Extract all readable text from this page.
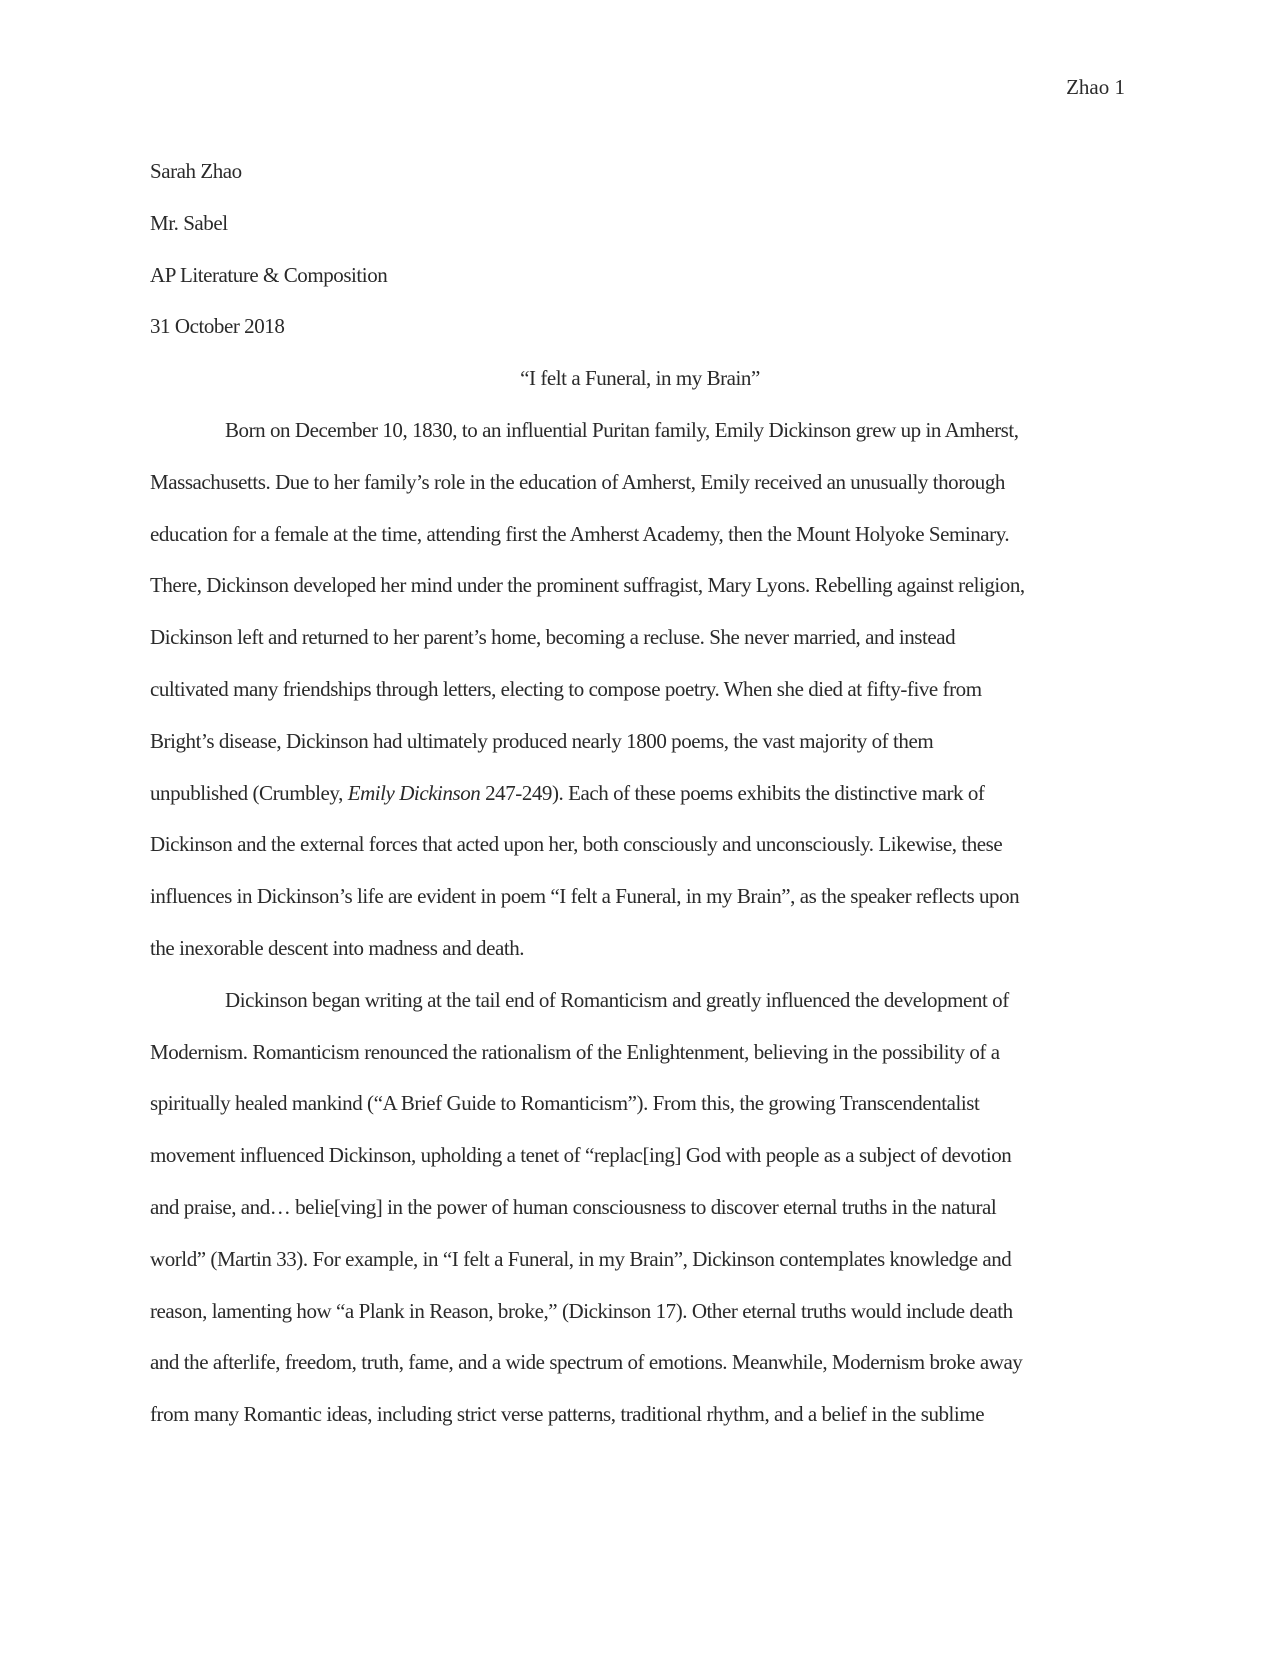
Zhao 1

Sarah Zhao

Mr. Sabel

AP Literature & Composition

31 October 2018

“I felt a Funeral, in my Brain”

Born on December 10, 1830, to an influential Puritan family, Emily Dickinson grew up in Amherst,

Massachusetts. Due to her family’s role in the education of Amherst, Emily received an unusually thorough

education for a female at the time, attending first the Amherst Academy, then the Mount Holyoke Seminary.

There, Dickinson developed her mind under the prominent suffragist, Mary Lyons. Rebelling against religion,

Dickinson left and returned to her parent’s home, becoming a recluse. She never married, and instead

cultivated many friendships through letters, electing to compose poetry. When she died at fifty-five from

Bright’s disease, Dickinson had ultimately produced nearly 1800 poems, the vast majority of them

unpublished (Crumbley, Emily Dickinson 247-249). Each of these poems exhibits the distinctive mark of

Dickinson and the external forces that acted upon her, both consciously and unconsciously. Likewise, these

influences in Dickinson’s life are evident in poem “I felt a Funeral, in my Brain”, as the speaker reflects upon

the inexorable descent into madness and death.

Dickinson began writing at the tail end of Romanticism and greatly influenced the development of

Modernism. Romanticism renounced the rationalism of the Enlightenment, believing in the possibility of a

spiritually healed mankind (“A Brief Guide to Romanticism”). From this, the growing Transcendentalist

movement influenced Dickinson, upholding a tenet of “replac[ing] God with people as a subject of devotion

and praise, and… belie[ving] in the power of human consciousness to discover eternal truths in the natural

world” (Martin 33). For example, in “I felt a Funeral, in my Brain”, Dickinson contemplates knowledge and

reason, lamenting how “a Plank in Reason, broke,” (Dickinson 17). Other eternal truths would include death

and the afterlife, freedom, truth, fame, and a wide spectrum of emotions. Meanwhile, Modernism broke away

from many Romantic ideas, including strict verse patterns, traditional rhythm, and a belief in the sublime
